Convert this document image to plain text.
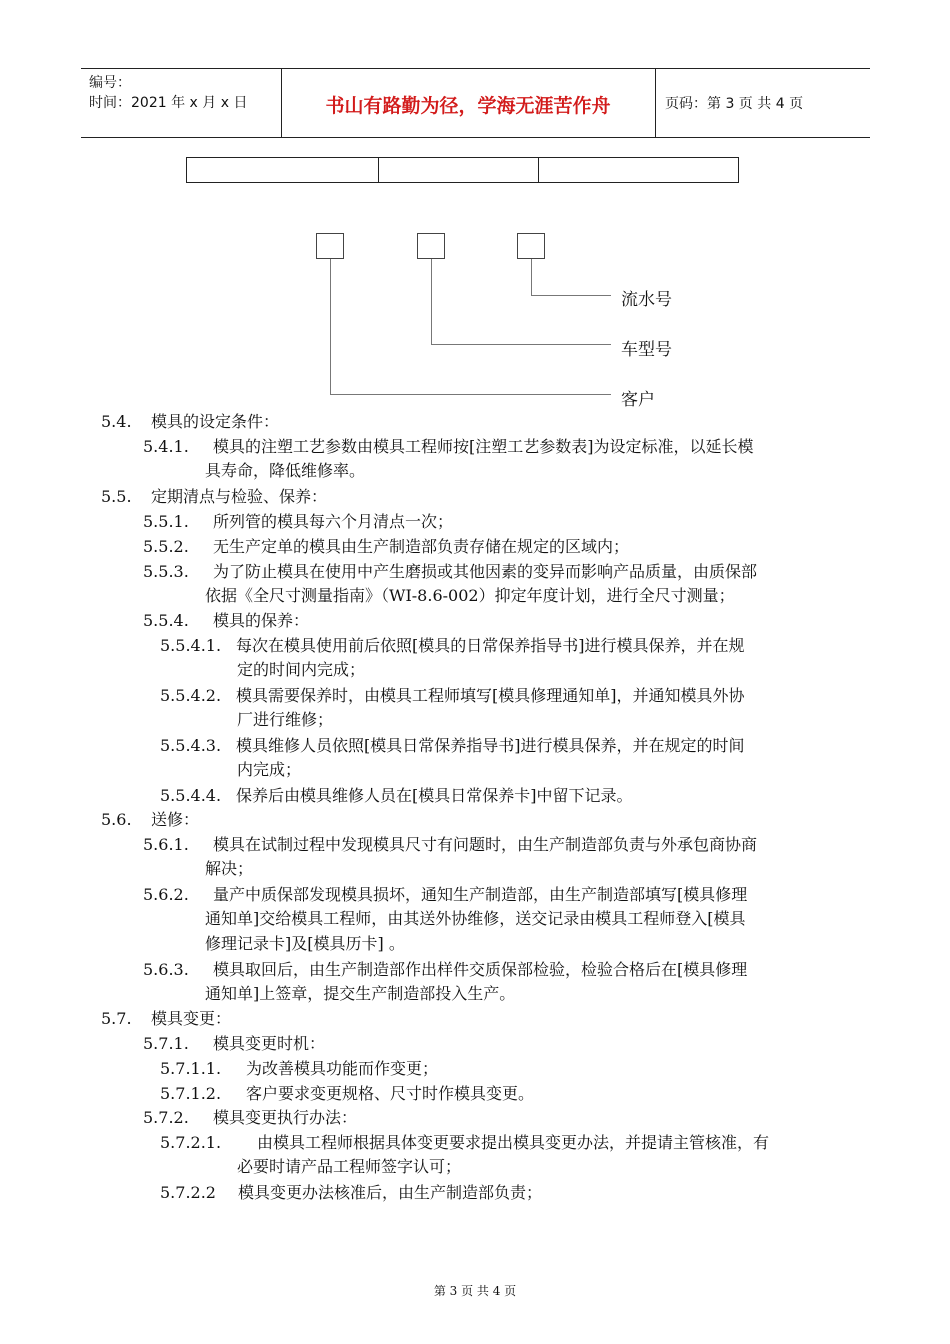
编号：
时间：2021 年 x 月 x 日	书山有路勤为径，学海无涯苦作舟	页码：第 3 页 共 4 页
流水号
车型号
客户
5.4. 模具的设定条件：
5.4.1. 模具的注塑工艺参数由模具工程师按[注塑工艺参数表]为设定标准，以延长模
具寿命，降低维修率。
5.5. 定期清点与检验、保养：
5.5.1. 所列管的模具每六个月清点一次；
5.5.2. 无生产定单的模具由生产制造部负责存储在规定的区域内；
5.5.3. 为了防止模具在使用中产生磨损或其他因素的变异而影响产品质量，由质保部
依据《全尺寸测量指南》（WI-8.6-002）抑定年度计划，进行全尺寸测量；
5.5.4. 模具的保养：
5.5.4.1. 每次在模具使用前后依照[模具的日常保养指导书]进行模具保养，并在规
定的时间内完成；
5.5.4.2. 模具需要保养时，由模具工程师填写[模具修理通知单]，并通知模具外协
厂进行维修；
5.5.4.3. 模具维修人员依照[模具日常保养指导书]进行模具保养，并在规定的时间
内完成；
5.5.4.4. 保养后由模具维修人员在[模具日常保养卡]中留下记录。
5.6. 送修：
5.6.1. 模具在试制过程中发现模具尺寸有问题时，由生产制造部负责与外承包商协商
解决；
5.6.2. 量产中质保部发现模具损坏，通知生产制造部，由生产制造部填写[模具修理
通知单]交给模具工程师，由其送外协维修，送交记录由模具工程师登入[模具
修理记录卡]及[模具历卡] 。
5.6.3. 模具取回后，由生产制造部作出样件交质保部检验，检验合格后在[模具修理
通知单]上签章，提交生产制造部投入生产。
5.7. 模具变更：
5.7.1. 模具变更时机：
5.7.1.1. 为改善模具功能而作变更；
5.7.1.2. 客户要求变更规格、尺寸时作模具变更。
5.7.2. 模具变更执行办法：
5.7.2.1. 由模具工程师根据具体变更要求提出模具变更办法，并提请主管核准，有
必要时请产品工程师签字认可；
5.7.2.2 模具变更办法核准后，由生产制造部负责；
第 3 页 共 4 页
